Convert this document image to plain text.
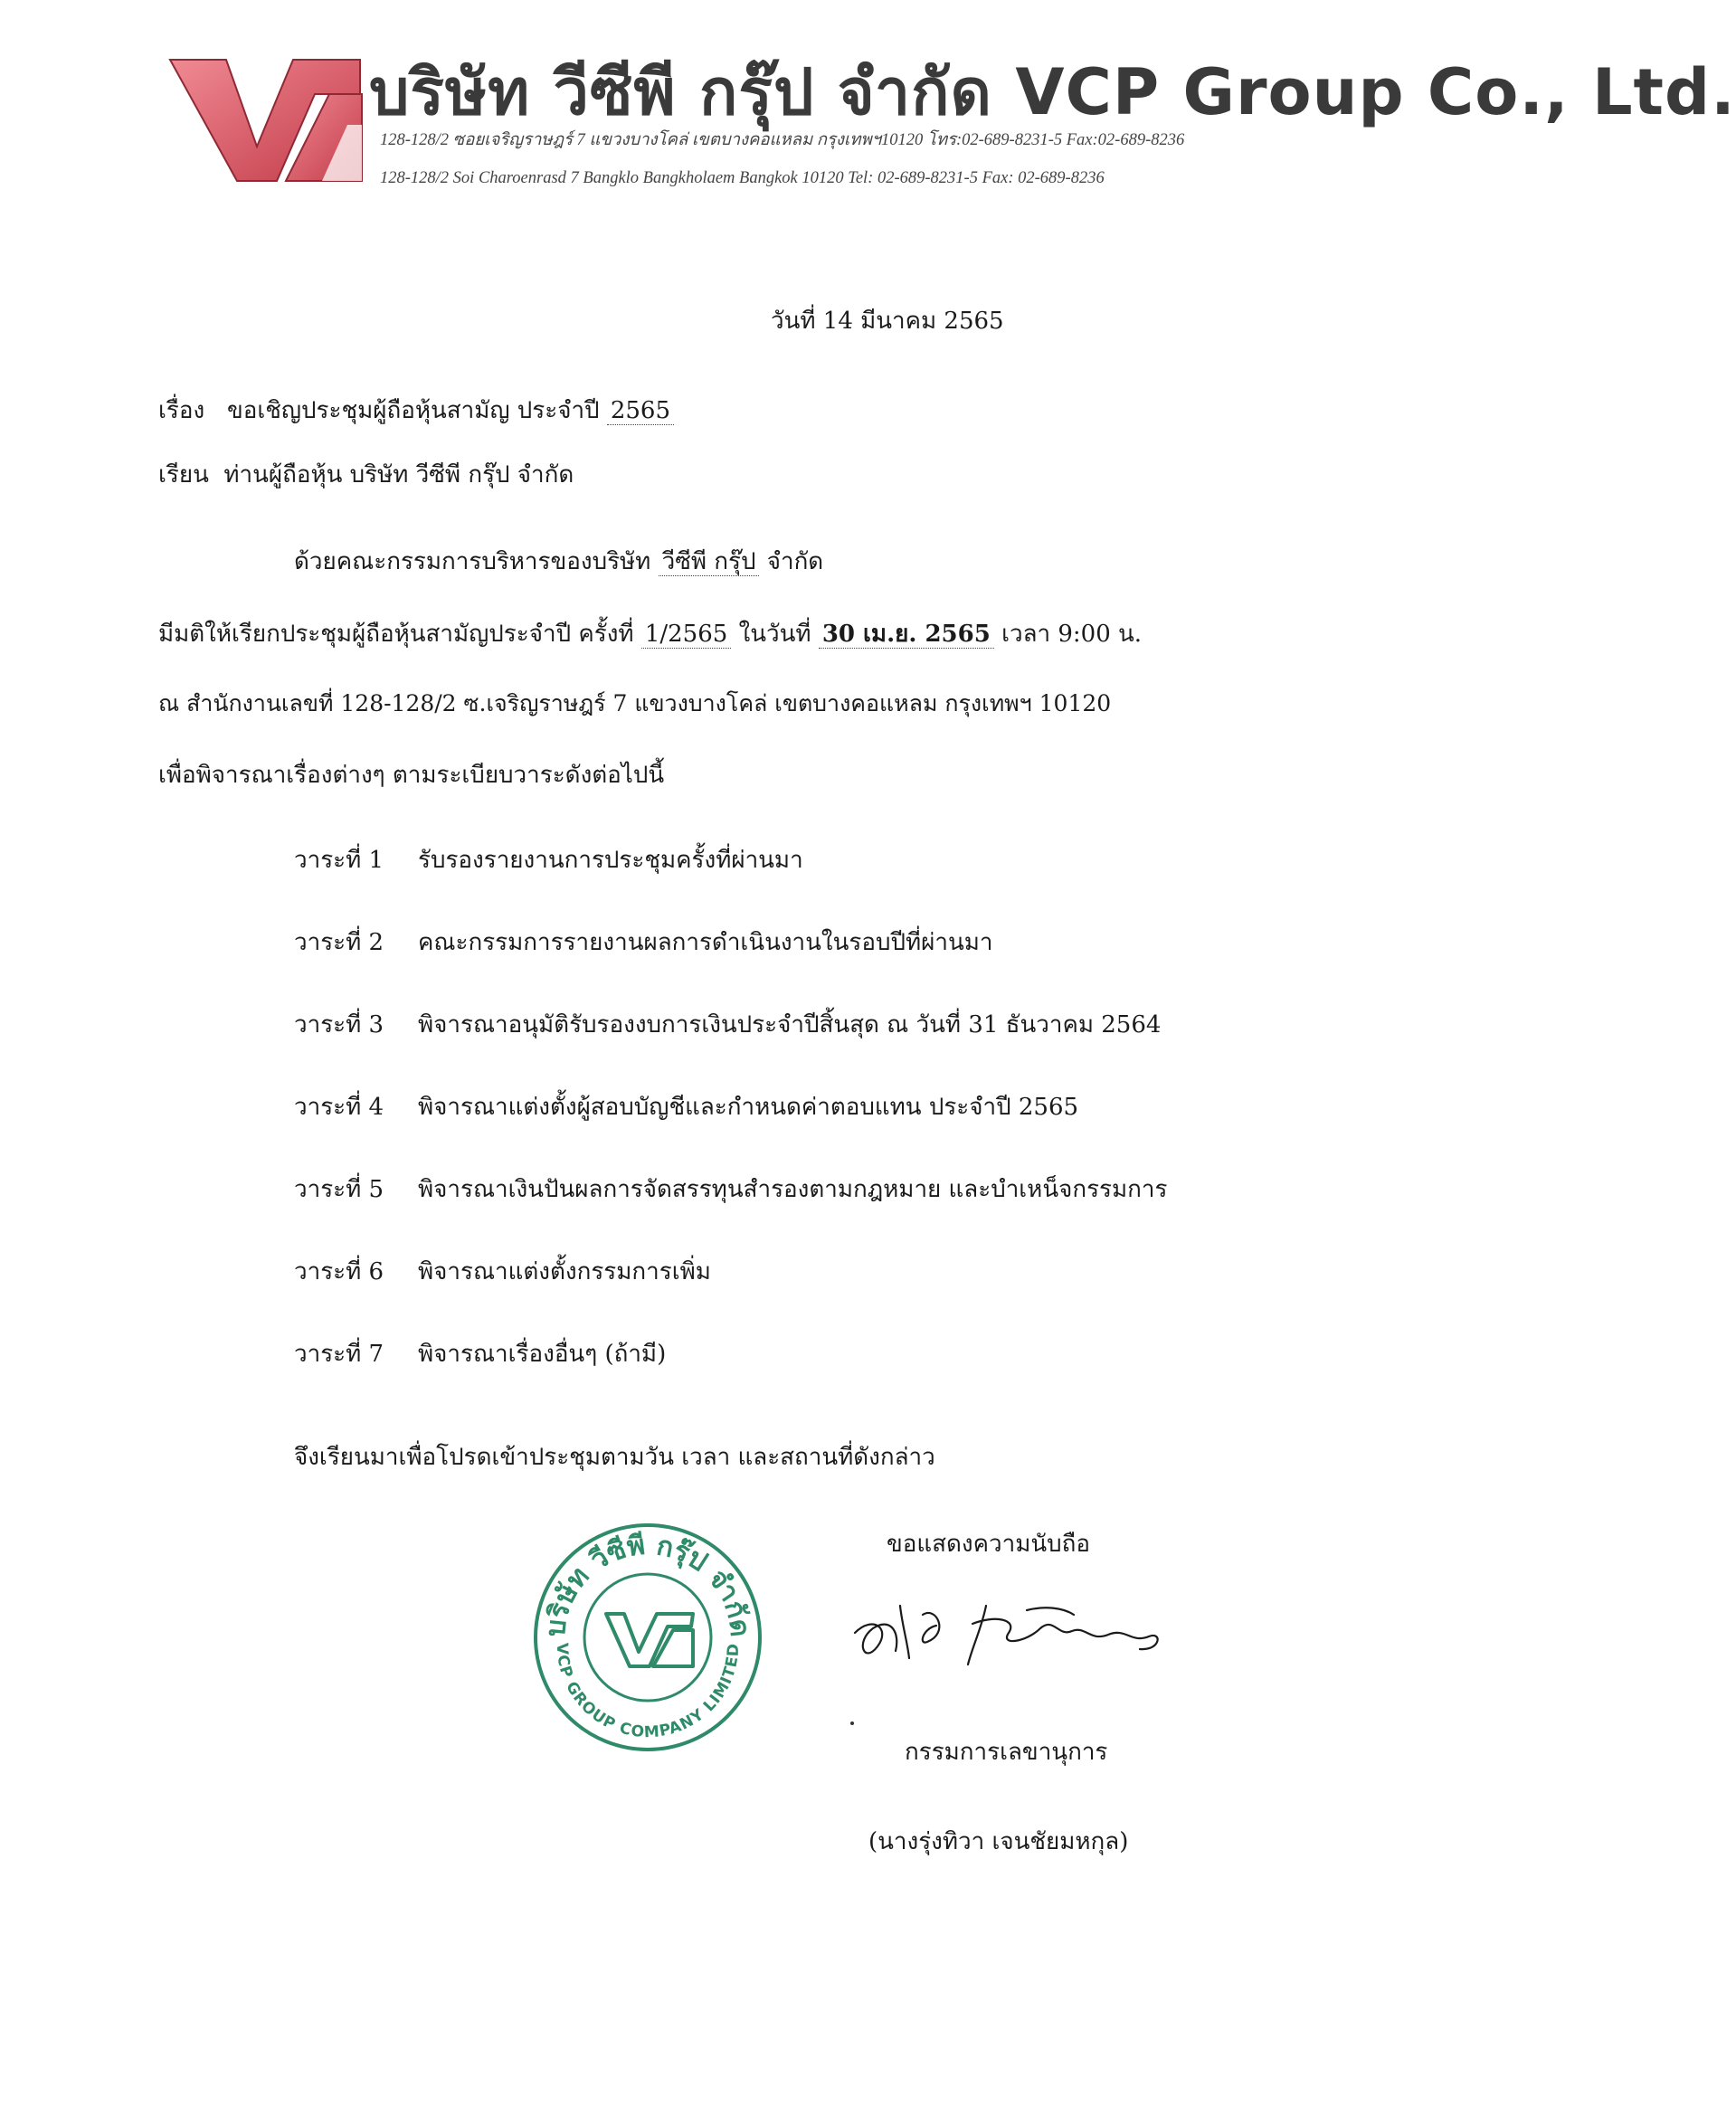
บริษัท วีซีพี กรุ๊ป จำกัด VCP Group Co., Ltd.
128-128/2 ซอยเจริญราษฎร์ 7 แขวงบางโคล่ เขตบางคอแหลม กรุงเทพฯ10120 โทร:02-689-8231-5 Fax:02-689-8236
128-128/2 Soi Charoenrasd 7 Bangklo Bangkholaem Bangkok 10120 Tel: 02-689-8231-5 Fax: 02-689-8236
วันที่ 14 มีนาคม 2565
เรื่อง ขอเชิญประชุมผู้ถือหุ้นสามัญ ประจำปี 2565
เรียน ท่านผู้ถือหุ้น บริษัท วีซีพี กรุ๊ป จำกัด
ด้วยคณะกรรมการบริหารของบริษัท วีซีพี กรุ๊ป จำกัด
มีมติให้เรียกประชุมผู้ถือหุ้นสามัญประจำปี ครั้งที่ 1/2565 ในวันที่ 30 เม.ย. 2565 เวลา 9:00 น.
ณ สำนักงานเลขที่ 128-128/2 ซ.เจริญราษฎร์ 7 แขวงบางโคล่ เขตบางคอแหลม กรุงเทพฯ 10120
เพื่อพิจารณาเรื่องต่างๆ ตามระเบียบวาระดังต่อไปนี้
วาระที่ 1 รับรองรายงานการประชุมครั้งที่ผ่านมา
วาระที่ 2 คณะกรรมการรายงานผลการดำเนินงานในรอบปีที่ผ่านมา
วาระที่ 3 พิจารณาอนุมัติรับรองงบการเงินประจำปีสิ้นสุด ณ วันที่ 31 ธันวาคม 2564
วาระที่ 4 พิจารณาแต่งตั้งผู้สอบบัญชีและกำหนดค่าตอบแทน ประจำปี 2565
วาระที่ 5 พิจารณาเงินปันผลการจัดสรรทุนสำรองตามกฎหมาย และบำเหน็จกรรมการ
วาระที่ 6 พิจารณาแต่งตั้งกรรมการเพิ่ม
วาระที่ 7 พิจารณาเรื่องอื่นๆ (ถ้ามี)
จึงเรียนมาเพื่อโปรดเข้าประชุมตามวัน เวลา และสถานที่ดังกล่าว
ขอแสดงความนับถือ
บริษัท วีซีพี กรุ๊ป จำกัด
VCP GROUP COMPANY LIMITED
กรรมการเลขานุการ
(นางรุ่งทิวา เจนชัยมหกุล)
